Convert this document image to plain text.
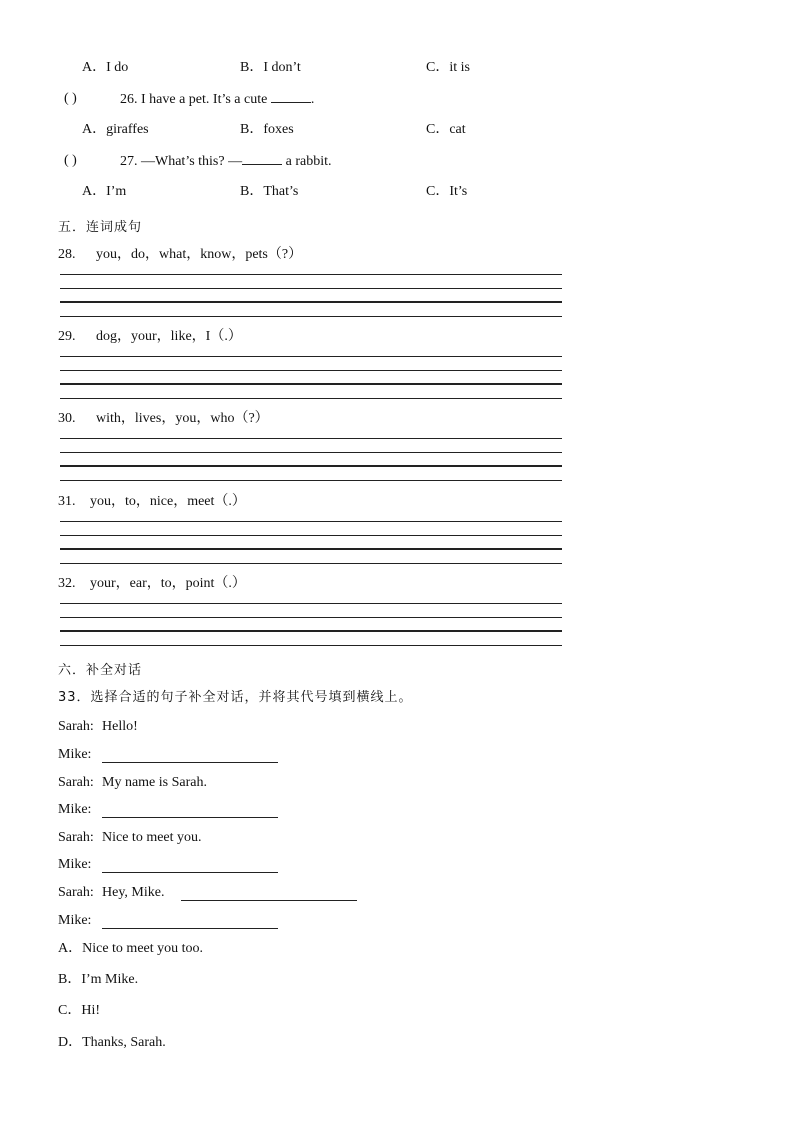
A．I do	B．I don’t	C．it is
( )	26. I have a pet. It’s a cute	.
A．giraffes	B．foxes	C．cat
( )	27. —What’s this? —	a rabbit.
A．I’m	B．That’s	C．It’s
五．连词成句
28. you，do，what，know，pets（?）
29. dog，your，like，I（.）
30. with，lives，you，who（?）
31. you，to，nice，meet（.）
32. your，ear，to，point（.）
六．补全对话
33．选择合适的句子补全对话，并将其代号填到横线上。
Sarah: Hello!
Mike:
Sarah: My name is Sarah.
Mike:
Sarah: Nice to meet you.
Mike:
Sarah: Hey, Mike.
Mike:
A．Nice to meet you too.
B．I’m Mike.
C．Hi!
D．Thanks, Sarah.
